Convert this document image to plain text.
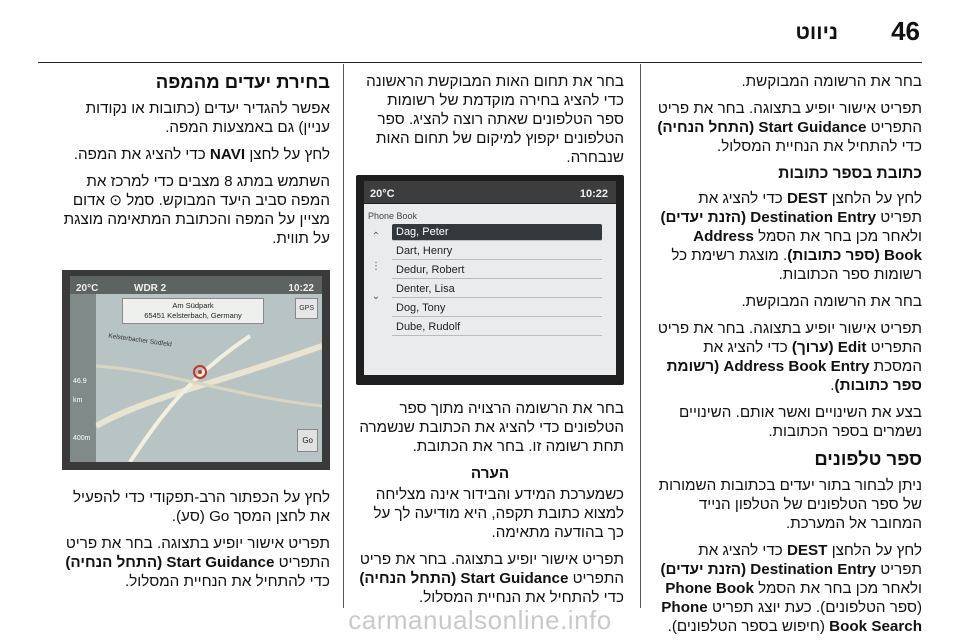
46
ניווט

בחר את הרשומה המבוקשת.

תפריט אישור יופיע בתצוגה. בחר את פריט התפריט Start Guidance (התחל הנחיה) כדי להתחיל את הנחיית המסלול.

כתובת בספר כתובות

לחץ על הלחצן DEST כדי להציג את תפריט Destination Entry (הזנת יעדים) ולאחר מכן בחר את הסמל Address Book (ספר כתובות). מוצגת רשימת כל רשומות ספר הכתובות.

בחר את הרשומה המבוקשת.

תפריט אישור יופיע בתצוגה. בחר את פריט התפריט Edit (ערוך) כדי להציג את המסכת Address Book Entry (רשומת ספר כתובות).

בצע את השינויים ואשר אותם. השינויים נשמרים בספר הכתובות.

ספר טלפונים

ניתן לבחור בתור יעדים בכתובות השמורות של ספר הטלפונים של הטלפון הנייד המחובר אל המערכת.

לחץ על הלחצן DEST כדי להציג את תפריט Destination Entry (הזנת יעדים) ולאחר מכן בחר את הסמל Phone Book (ספר הטלפונים). כעת יוצג תפריט Phone Book Search (חיפוש בספר הטלפונים).

בחר את תחום האות המבוקשת הראשונה כדי להציג בחירה מוקדמת של רשומות ספר הטלפונים שאתה רוצה להציג. ספר הטלפונים יקפוץ למיקום של תחום האות שנבחרה.

20°C	10:22
Phone Book
⌃
⋮
⌄
Dag, Peter
Dart, Henry
Dedur, Robert
Denter, Lisa
Dog, Tony
Dube, Rudolf

בחר את הרשומה הרצויה מתוך ספר הטלפונים כדי להציג את הכתובת שנשמרה תחת רשומה זו. בחר את הכתובת.

הערה
כשמערכת המידע והבידור אינה מצליחה למצוא כתובת תקפה, היא מודיעה לך על כך בהודעה מתאימה.

תפריט אישור יופיע בתצוגה. בחר את פריט התפריט Start Guidance (התחל הנחיה) כדי להתחיל את הנחיית המסלול.

בחירת יעדים מהמפה

אפשר להגדיר יעדים (כתובות או נקודות עניין) גם באמצעות המפה.

לחץ על לחצן NAVI כדי להציג את המפה.

השתמש במתג 8 מצבים כדי למרכז את המפה סביב היעד המבוקש. סמל ⊙ אדום מציין על המפה והכתובת המתאימה מוצגת על תווית.

20°C	WDR 2	10:22
46.9 km
400m
Am Südpark
65451 Kelsterbach, Germany
GPS
Kelsterbacher Südfeld
Go

לחץ על הכפתור הרב-תפקודי כדי להפעיל את לחצן המסך Go (סע).

תפריט אישור יופיע בתצוגה. בחר את פריט התפריט Start Guidance (התחל הנחיה) כדי להתחיל את הנחיית המסלול.

carmanualsonline.info
